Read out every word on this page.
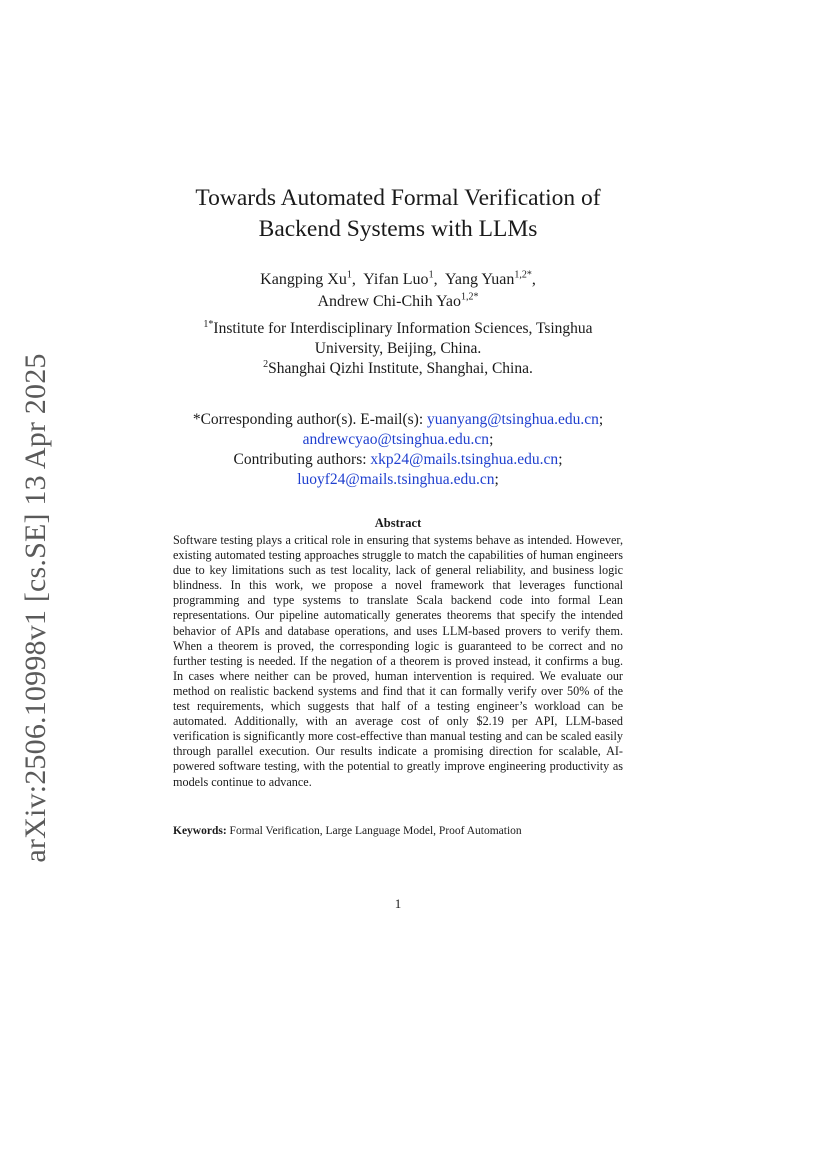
arXiv:2506.10998v1 [cs.SE] 13 Apr 2025
Towards Automated Formal Verification of
Backend Systems with LLMs
Kangping Xu$^1$,  Yifan Luo$^1$,  Yang Yuan$^{1,2*}$,
Andrew Chi-Chih Yao$^{1,2*}$
$^{1*}$Institute for Interdisciplinary Information Sciences, Tsinghua
University, Beijing, China.
$^2$Shanghai Qizhi Institute, Shanghai, China.
*Corresponding author(s). E-mail(s): yuanyang@tsinghua.edu.cn;
andrewcyao@tsinghua.edu.cn;
Contributing authors: xkp24@mails.tsinghua.edu.cn;
luoyf24@mails.tsinghua.edu.cn;
Abstract
Software testing plays a critical role in ensuring that systems behave as intended. However, existing automated testing approaches struggle to match the capabilities of human engineers due to key limitations such as test locality, lack of general reliability, and business logic blindness. In this work, we propose a novel framework that leverages functional programming and type systems to translate Scala backend code into formal Lean representations. Our pipeline automatically generates theorems that specify the intended behavior of APIs and database operations, and uses LLM-based provers to verify them. When a theorem is proved, the corresponding logic is guaranteed to be correct and no further testing is needed. If the negation of a theorem is proved instead, it confirms a bug. In cases where neither can be proved, human intervention is required. We evaluate our method on realistic backend systems and find that it can formally verify over 50% of the test requirements, which suggests that half of a testing engineer’s workload can be automated. Additionally, with an average cost of only $2.19 per API, LLM-based verification is significantly more cost-effective than manual testing and can be scaled easily through parallel execution. Our results indicate a promising direction for scalable, AI-powered software testing, with the potential to greatly improve engineering productivity as models continue to advance.
Keywords: Formal Verification, Large Language Model, Proof Automation
1
